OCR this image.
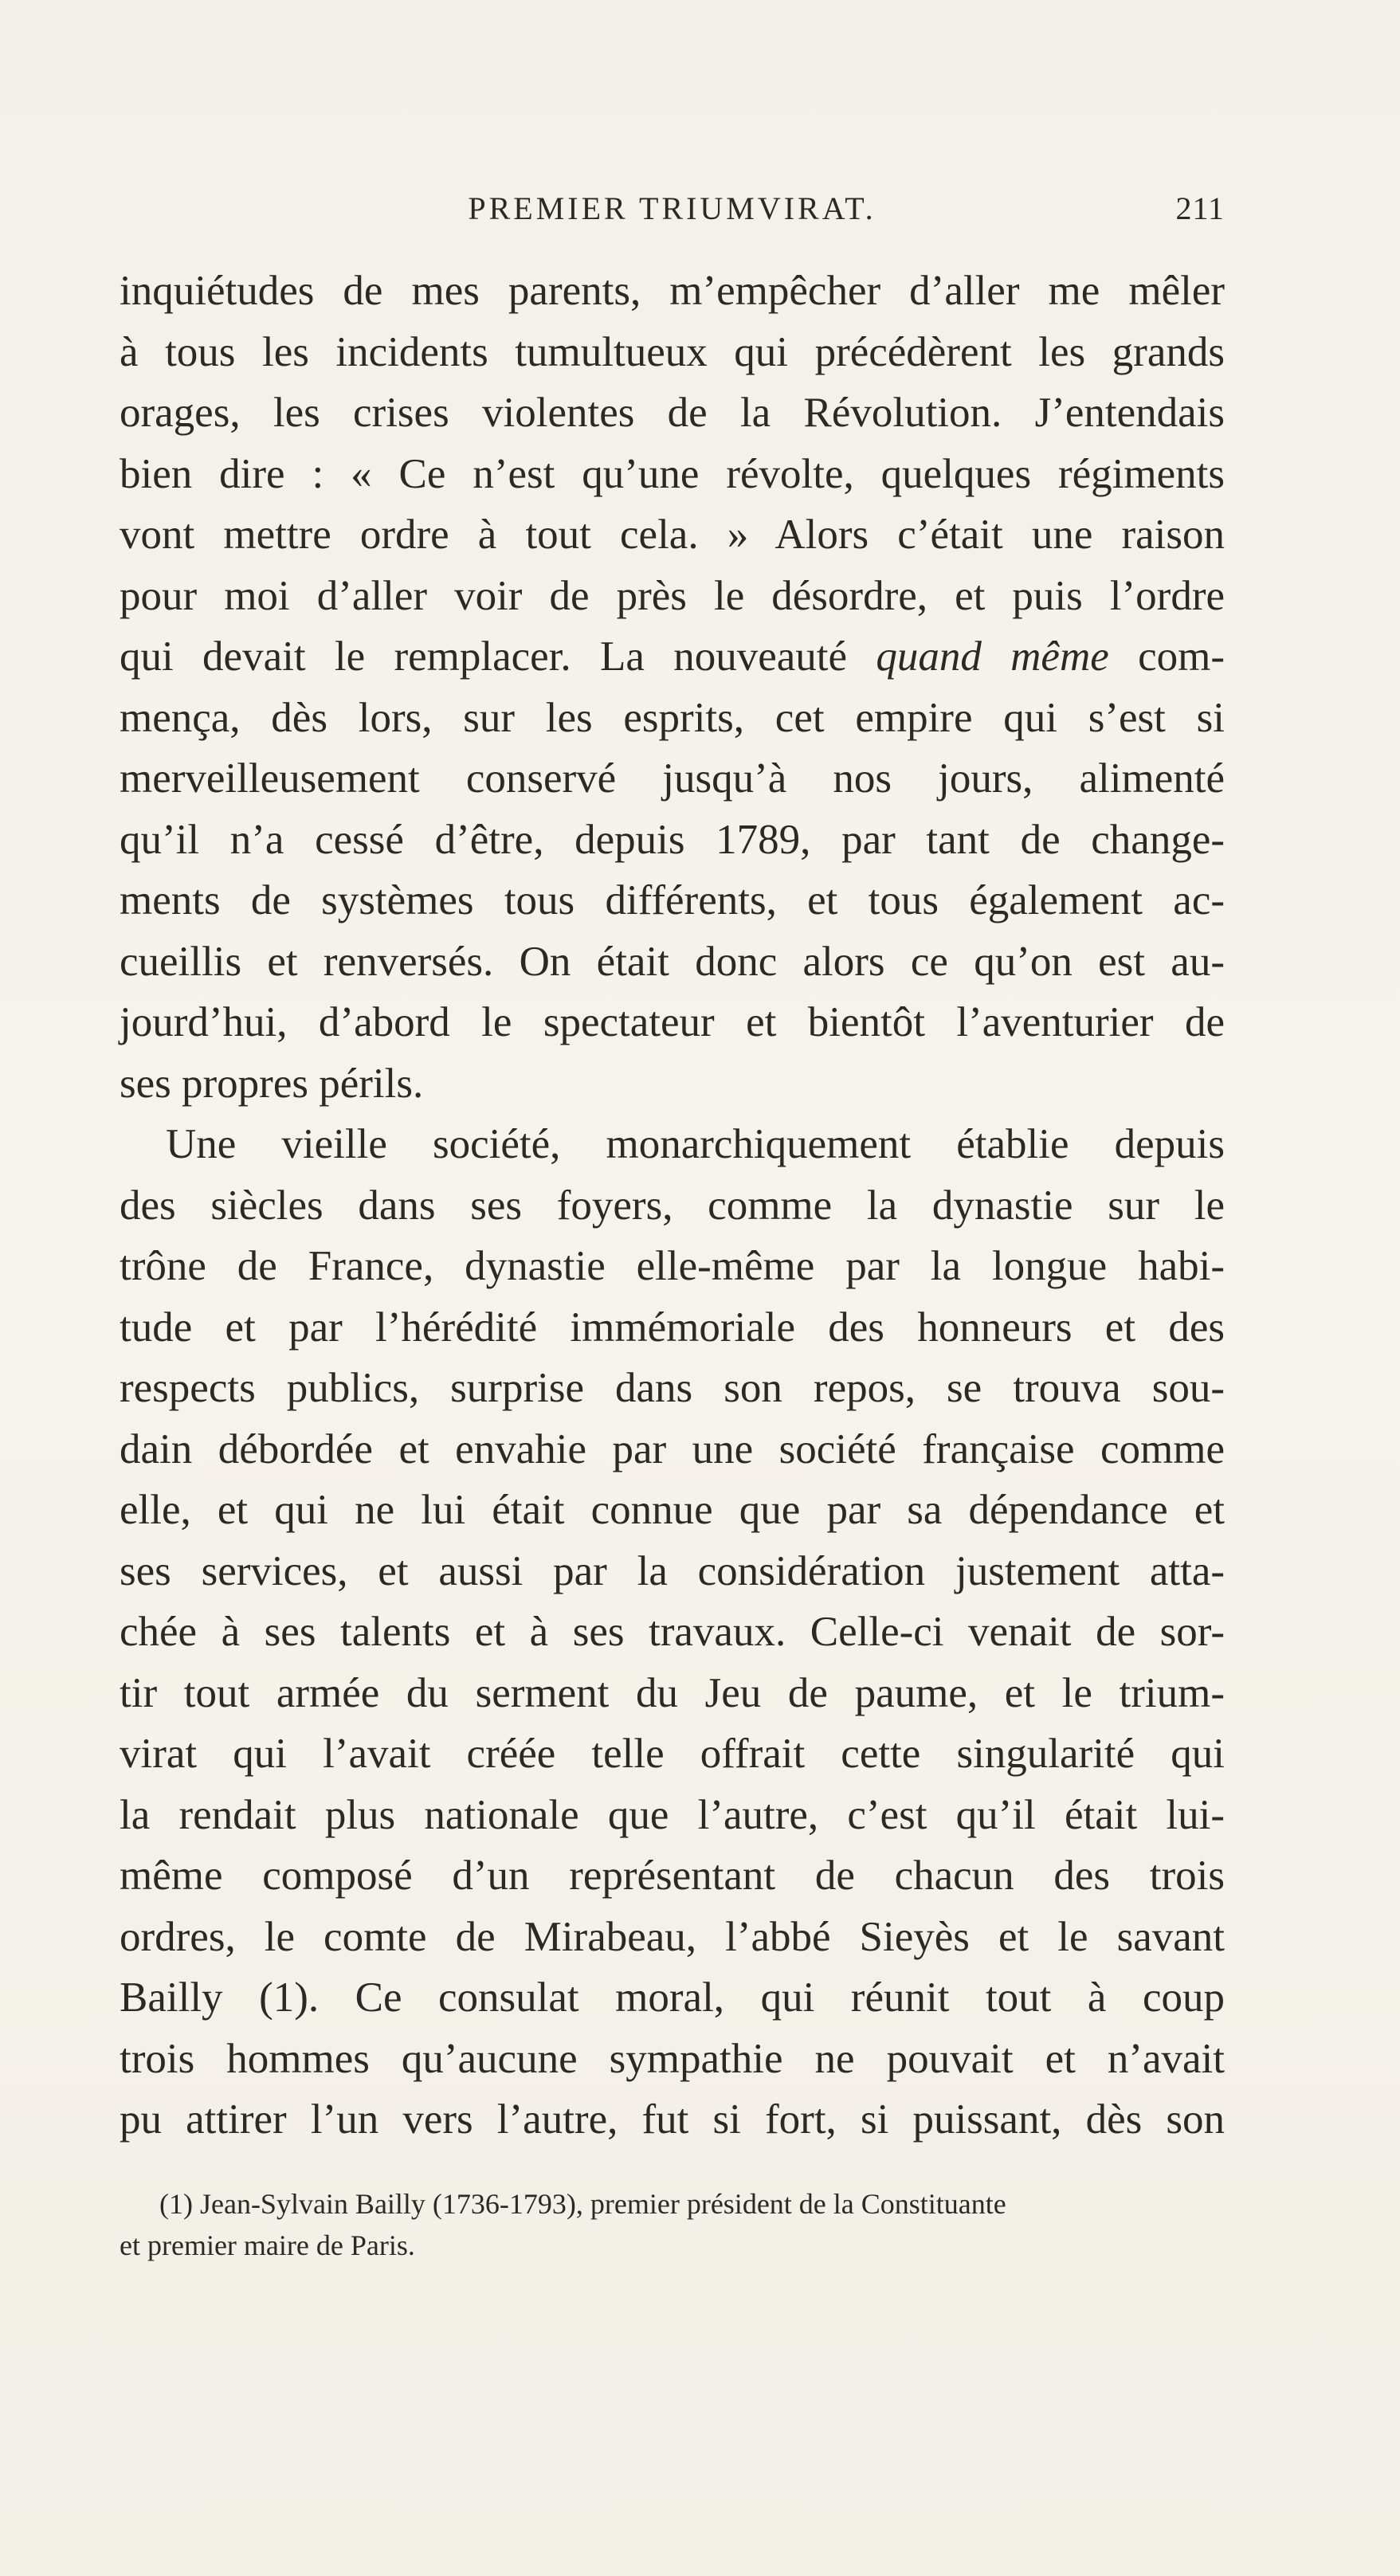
PREMIER TRIUMVIRAT.	211
inquiétudes de mes parents, m’empêcher d’aller me mêler
à tous les incidents tumultueux qui précédèrent les grands
orages, les crises violentes de la Révolution. J’entendais
bien dire : « Ce n’est qu’une révolte, quelques régiments
vont mettre ordre à tout cela. » Alors c’était une raison
pour moi d’aller voir de près le désordre, et puis l’ordre
qui devait le remplacer. La nouveauté quand même com-
mença, dès lors, sur les esprits, cet empire qui s’est si
merveilleusement conservé jusqu’à nos jours, alimenté
qu’il n’a cessé d’être, depuis 1789, par tant de change-
ments de systèmes tous différents, et tous également ac-
cueillis et renversés. On était donc alors ce qu’on est au-
jourd’hui, d’abord le spectateur et bientôt l’aventurier de
ses propres périls.
Une vieille société, monarchiquement établie depuis
des siècles dans ses foyers, comme la dynastie sur le
trône de France, dynastie elle-même par la longue habi-
tude et par l’hérédité immémoriale des honneurs et des
respects publics, surprise dans son repos, se trouva sou-
dain débordée et envahie par une société française comme
elle, et qui ne lui était connue que par sa dépendance et
ses services, et aussi par la considération justement atta-
chée à ses talents et à ses travaux. Celle-ci venait de sor-
tir tout armée du serment du Jeu de paume, et le trium-
virat qui l’avait créée telle offrait cette singularité qui
la rendait plus nationale que l’autre, c’est qu’il était lui-
même composé d’un représentant de chacun des trois
ordres, le comte de Mirabeau, l’abbé Sieyès et le savant
Bailly (1). Ce consulat moral, qui réunit tout à coup
trois hommes qu’aucune sympathie ne pouvait et n’avait
pu attirer l’un vers l’autre, fut si fort, si puissant, dès son
(1) Jean-Sylvain Bailly (1736-1793), premier président de la Constituante
et premier maire de Paris.
